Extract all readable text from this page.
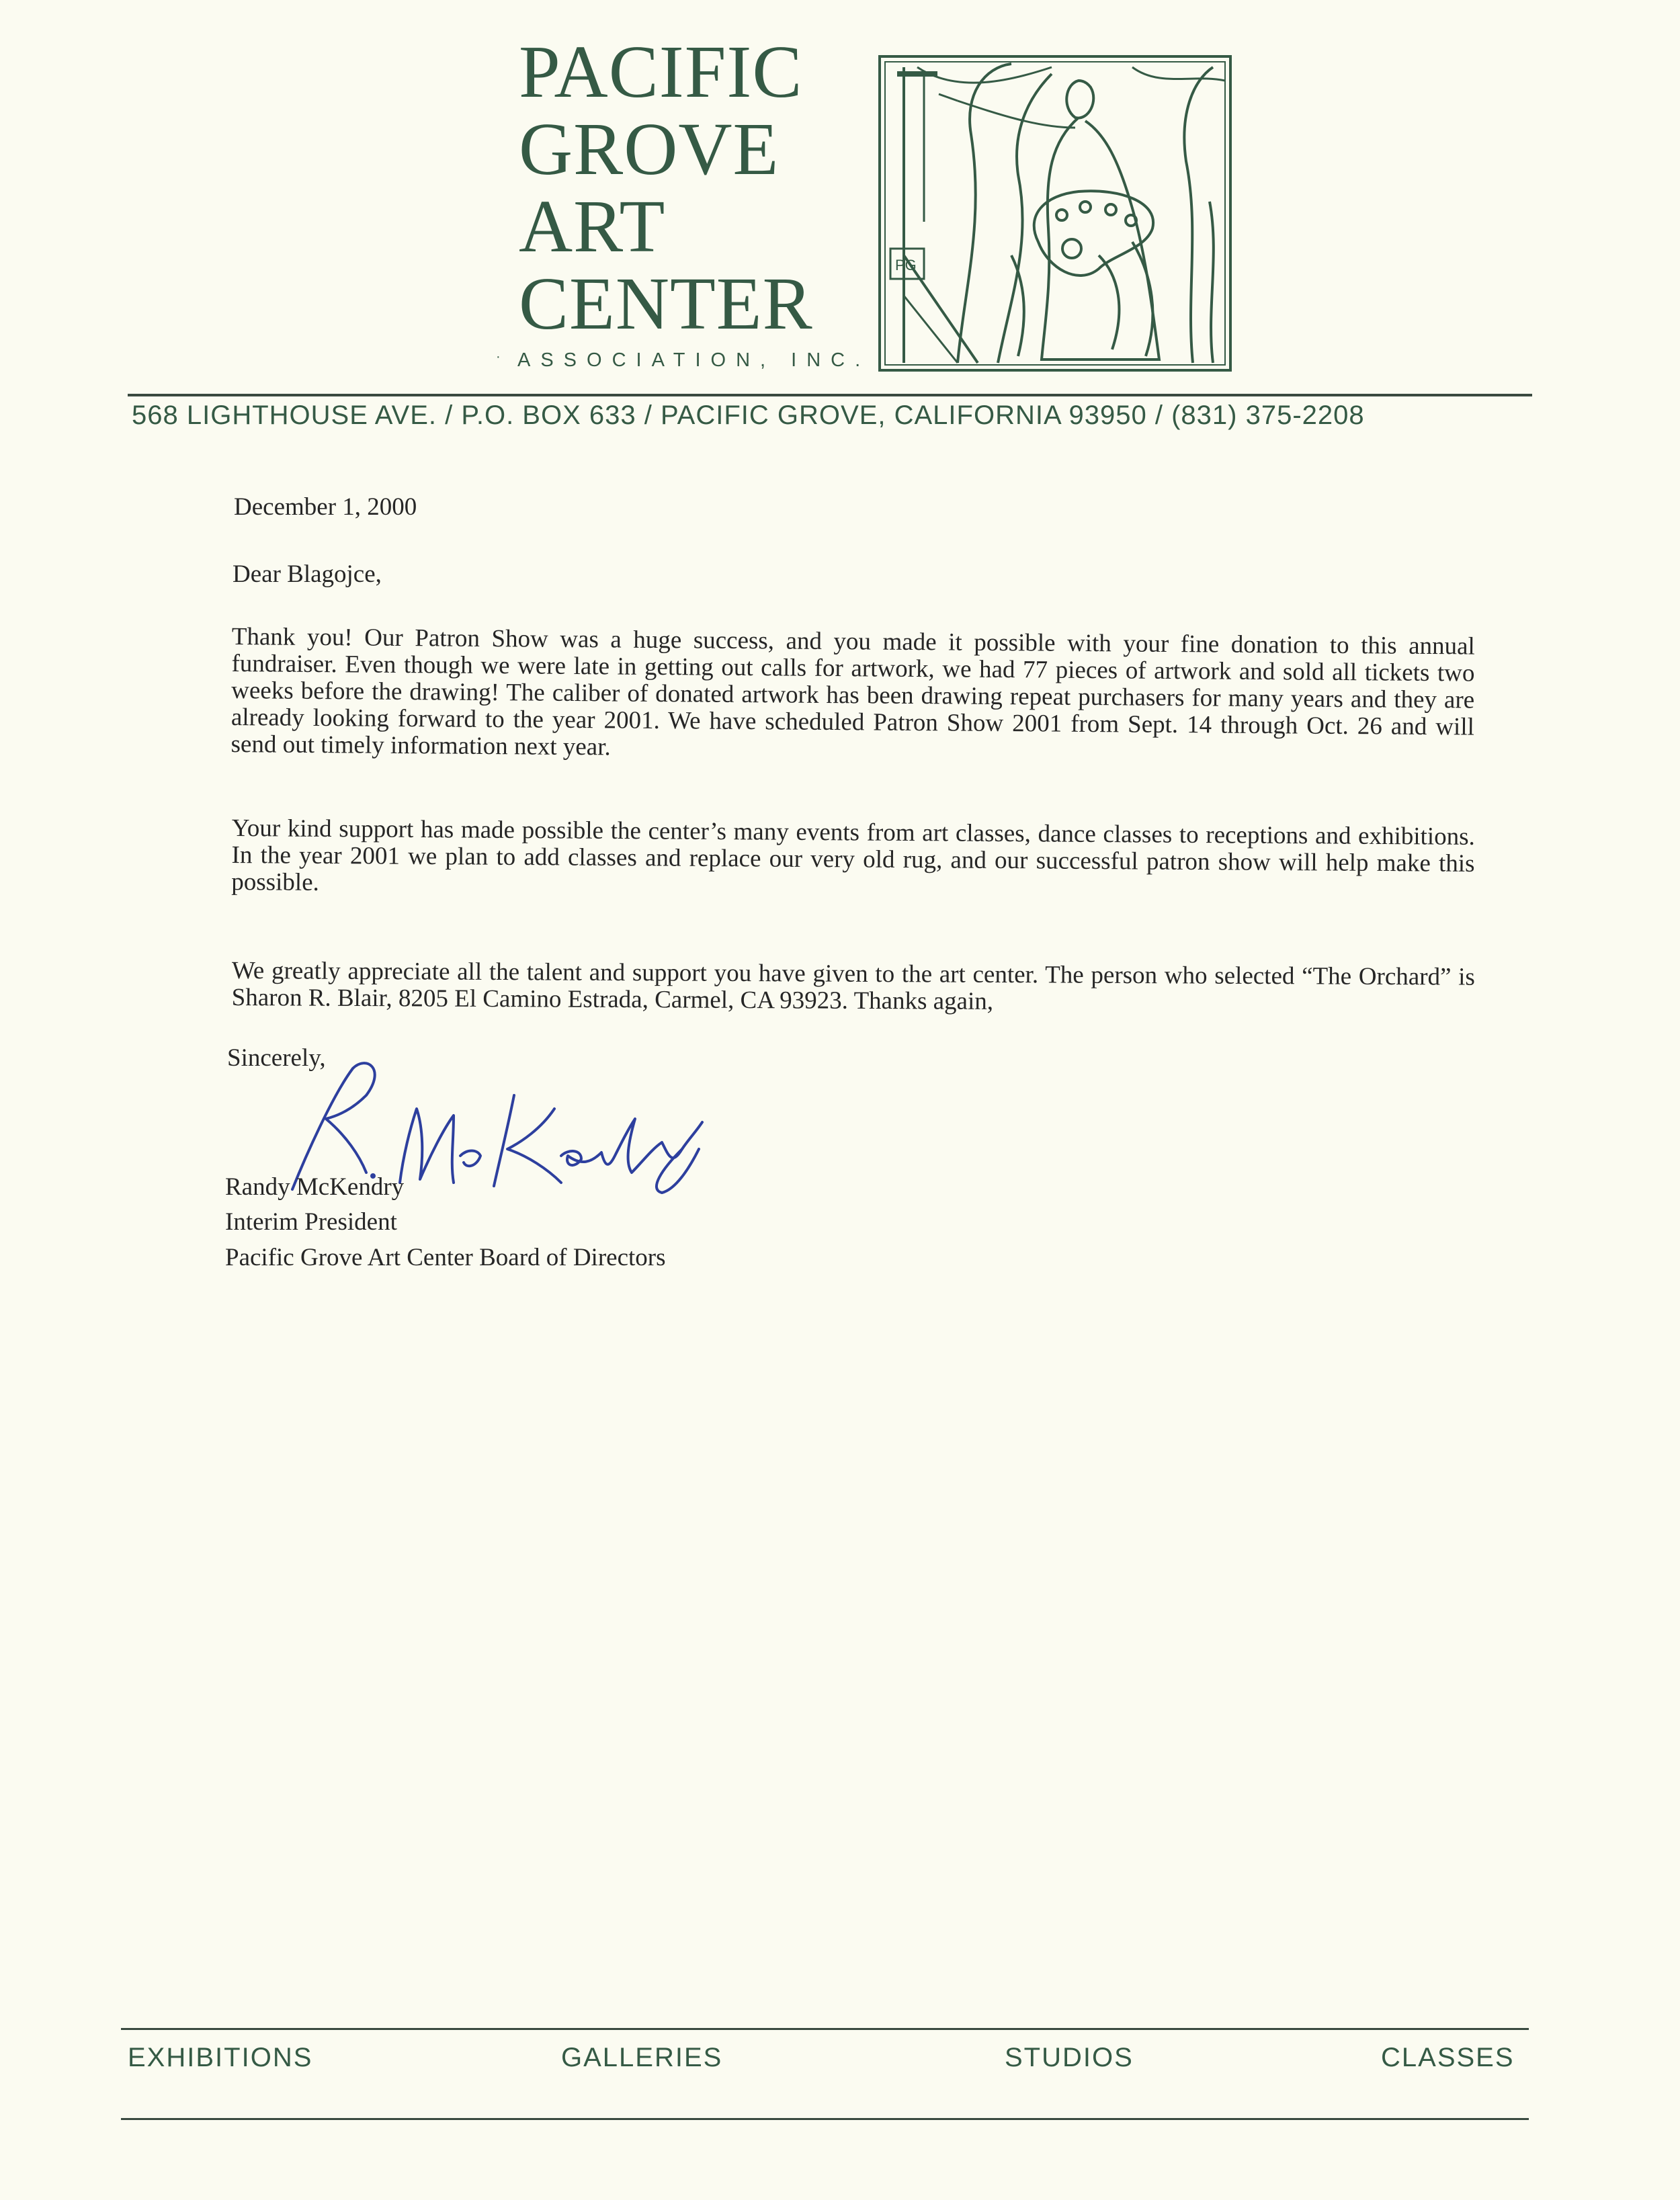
PACIFIC
GROVE
ART
CENTER
· ASSOCIATION, INC.
PG
568 LIGHTHOUSE AVE. / P.O. BOX 633 / PACIFIC GROVE, CALIFORNIA 93950 / (831) 375-2208
December 1, 2000
Dear Blagojce,

Thank you! Our Patron Show was a huge success, and you made it possible with your fine donation to this annual fundraiser. Even though we were late in getting out calls for artwork, we had 77 pieces of artwork and sold all tickets two weeks before the drawing! The caliber of donated artwork has been drawing repeat purchasers for many years and they are already looking forward to the year 2001. We have scheduled Patron Show 2001 from Sept. 14 through Oct. 26 and will send out timely information next year.

Your kind support has made possible the center’s many events from art classes, dance classes to receptions and exhibitions. In the year 2001 we plan to add classes and replace our very old rug, and our successful patron show will help make this possible.

We greatly appreciate all the talent and support you have given to the art center. The person who selected “The Orchard” is Sharon R. Blair, 8205 El Camino Estrada, Carmel, CA 93923. Thanks again,

Sincerely,
Randy McKendry
Interim President
Pacific Grove Art Center Board of Directors
EXHIBITIONS	GALLERIES	STUDIOS	CLASSES
